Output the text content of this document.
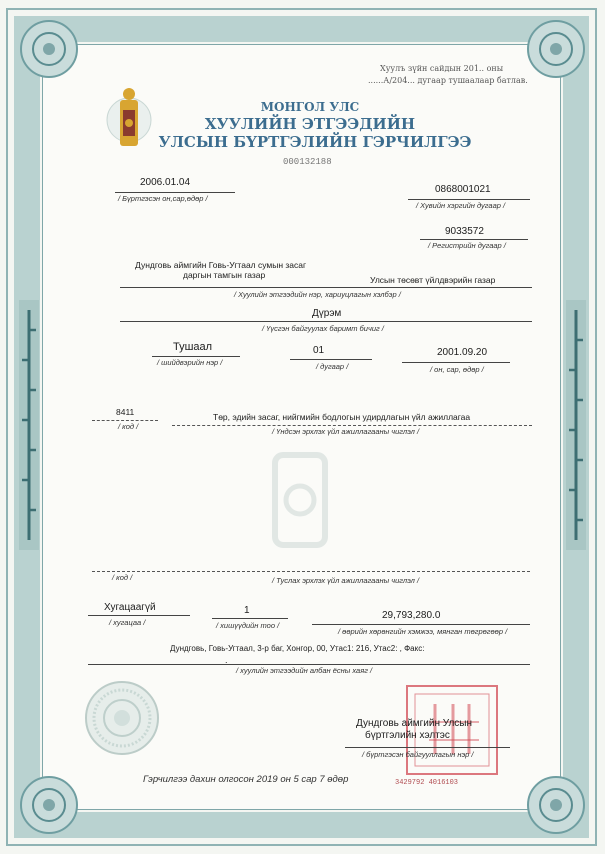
Хуулъ зүйн сайдын 201.. оны
......А/204... дугаар тушаалаар батлав.
МОНГОЛ УЛС
ХУУЛИЙН ЭТГЭЭДИЙН
УЛСЫН БҮРТГЭЛИЙН ГЭРЧИЛГЭЭ
000132188
2006.01.04
/ Бүртгэсэн он,сар,өдөр /
0868001021
/ Хувийн хэргийн дугаар /
9033572
/ Регистрийн дугаар /
Дундговь аймгийн Говь-Угтаал сумын засаг
даргын тамгын газар	Улсын төсөвт үйлдвэрийн газар
/ Хуулийн этгээдийн нэр, хариуцлагын хэлбэр /
Дүрэм
/ Үүсгэн байгуулах баримт бичиг /
Тушаал
/ шийдвэрийн нэр /
01
/ дугаар /
2001.09.20
/ он, сар, өдөр /
8411
/ код /
Төр, эдийн засаг, нийгмийн бодлогын удирдлагын үйл ажиллагаа
/ Үндсэн эрхлэх үйл ажиллагааны чиглэл /
/ код /	/ Туслах эрхлэх үйл ажиллагааны чиглэл /
Хугацаагүй
/ хугацаа /
1
/ хишүүдийн тоо /
29,793,280.0
/ өөрийн хөрөнгийн хэмжээ, мянган төгрөгөөр /
Дундговь, Говь-Угтаал, 3-р баг, Хонгор, 00, Утас1: 216, Утас2: , Факс:
.
/ хуулийн этгээдийн албан ёсны хаяг /
Дундговь аймгийн Улсын
бүртгэлийн хэлтэс
/ бүртгэсэн байгууллагын нэр /
3429792 4016103
Гэрчилгээ дахин олгосон 2019 он 5 сар 7 өдөр
